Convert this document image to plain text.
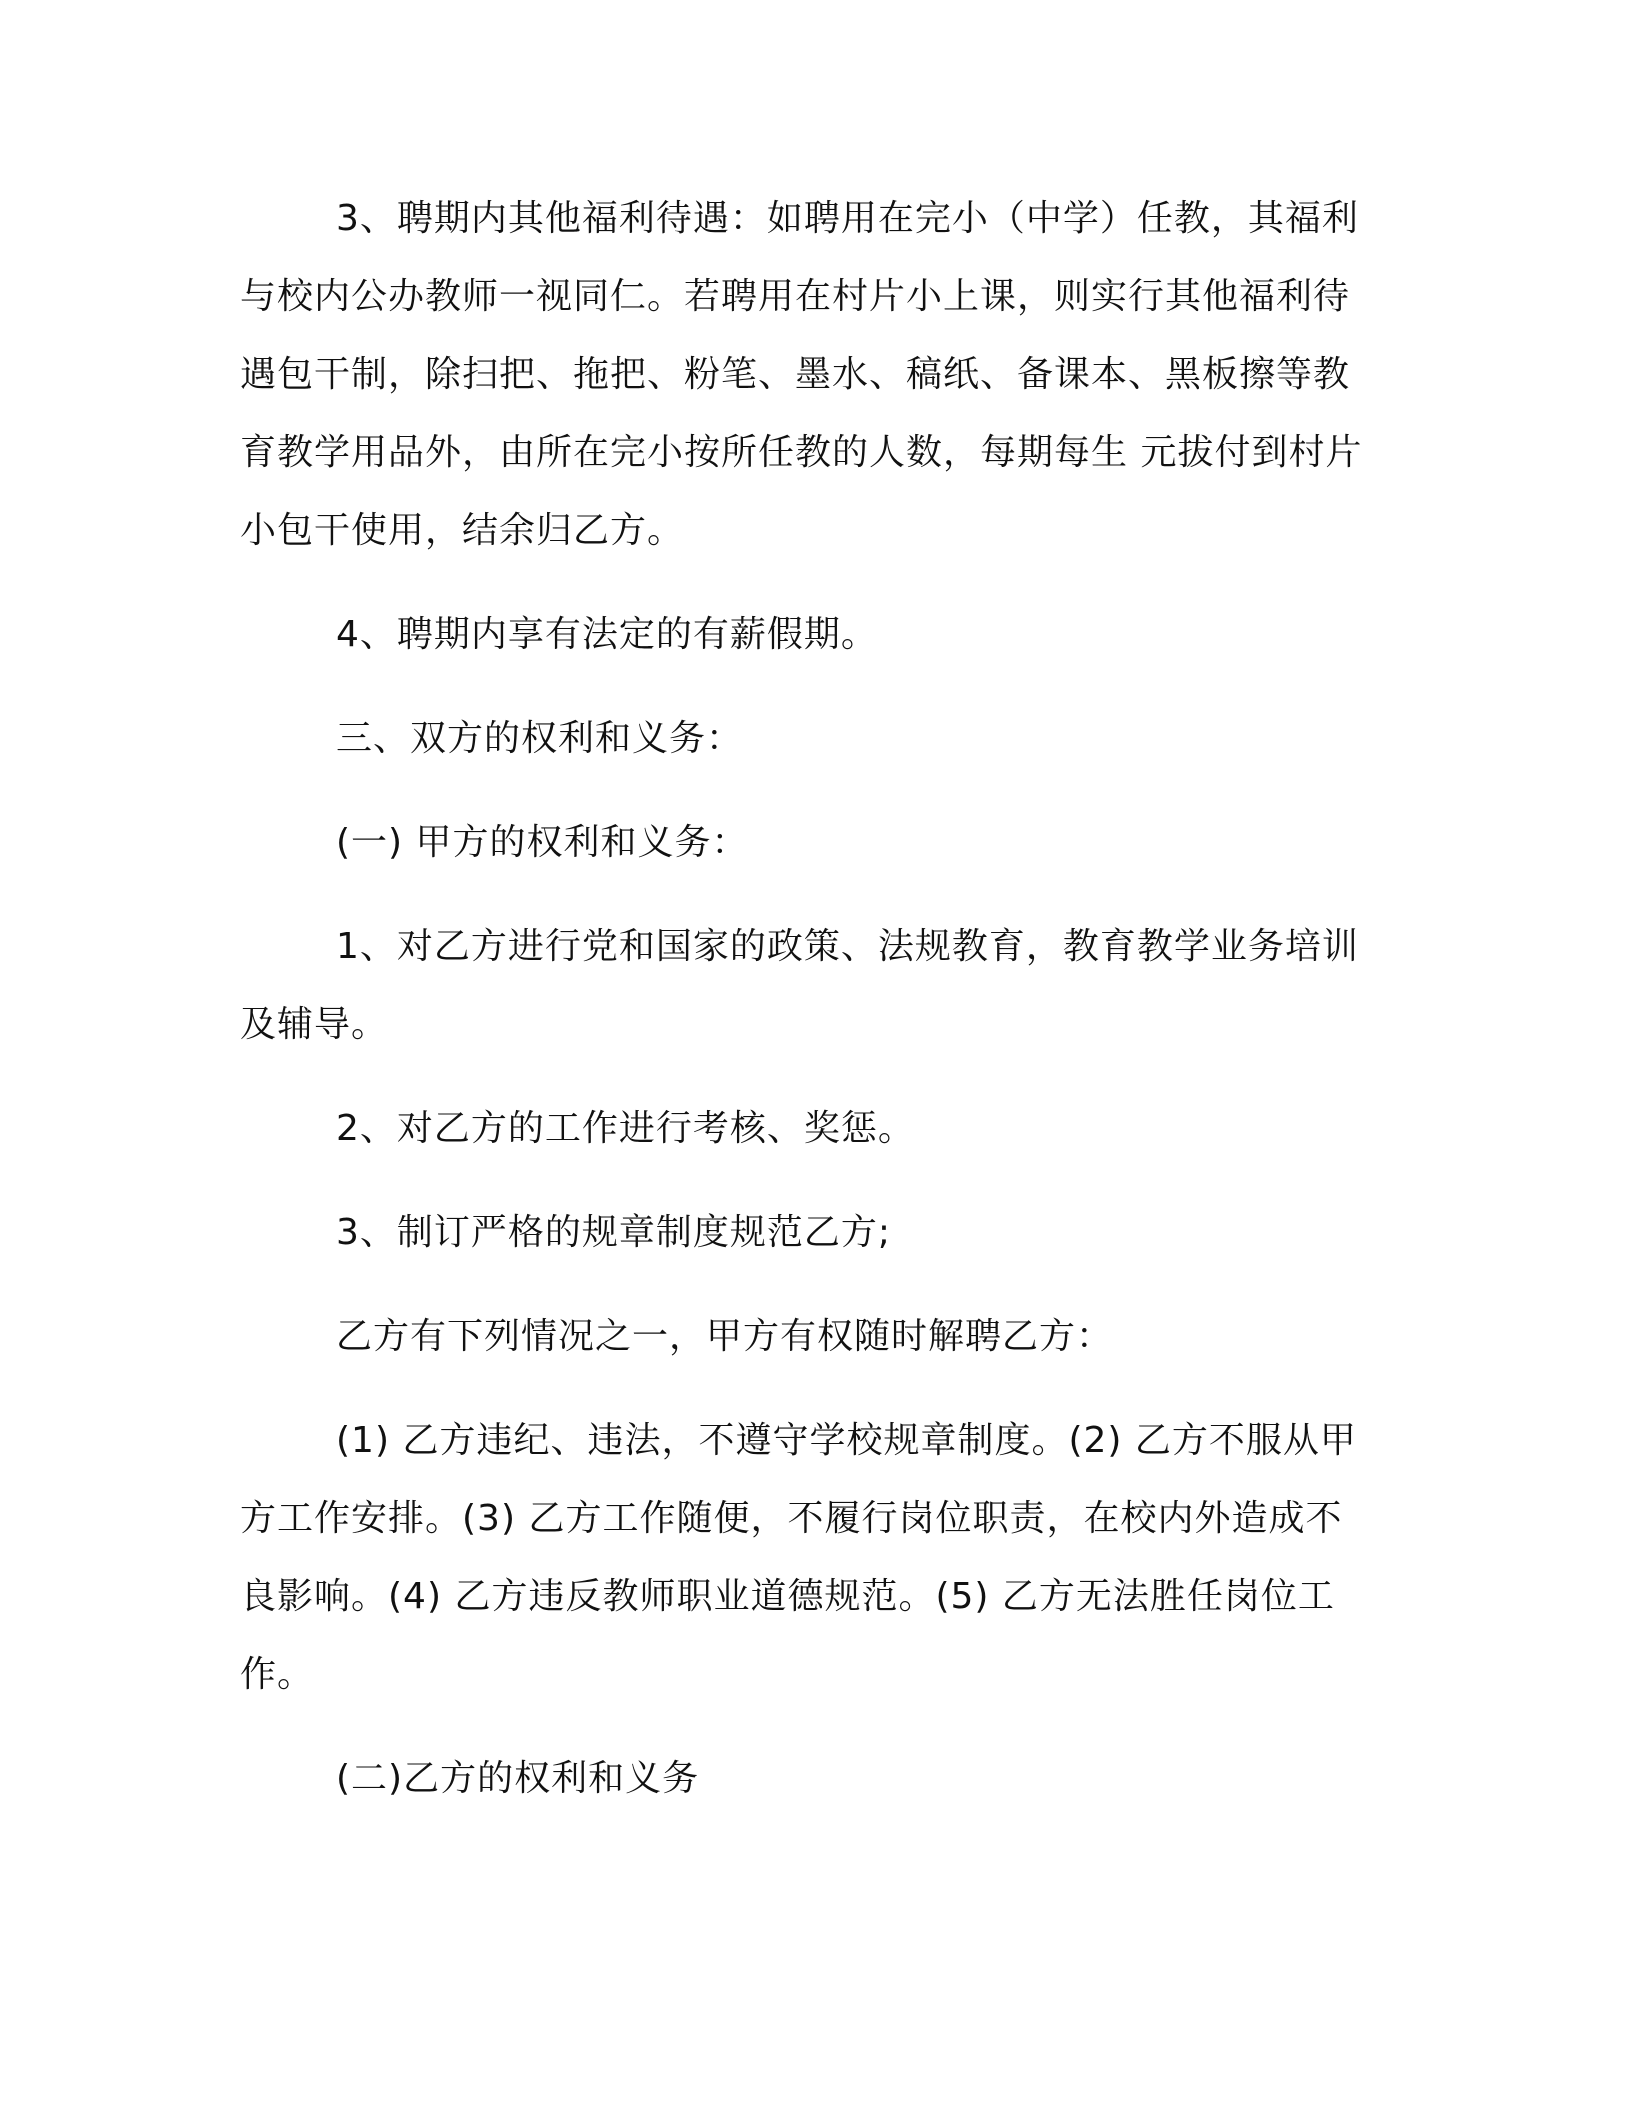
3、聘期内其他福利待遇：如聘用在完小（中学）任教，其福利与校内公办教师一视同仁。若聘用在村片小上课，则实行其他福利待遇包干制，除扫把、拖把、粉笔、墨水、稿纸、备课本、黑板擦等教育教学用品外，由所在完小按所任教的人数，每期每生 元拔付到村片小包干使用，结余归乙方。

4、聘期内享有法定的有薪假期。

三、双方的权利和义务：

(一) 甲方的权利和义务：

1、对乙方进行党和国家的政策、法规教育，教育教学业务培训及辅导。

2、对乙方的工作进行考核、奖惩。

3、制订严格的规章制度规范乙方;

乙方有下列情况之一，甲方有权随时解聘乙方：

(1) 乙方违纪、违法，不遵守学校规章制度。(2) 乙方不服从甲方工作安排。(3) 乙方工作随便，不履行岗位职责，在校内外造成不良影响。(4) 乙方违反教师职业道德规范。(5) 乙方无法胜任岗位工作。

(二)乙方的权利和义务
